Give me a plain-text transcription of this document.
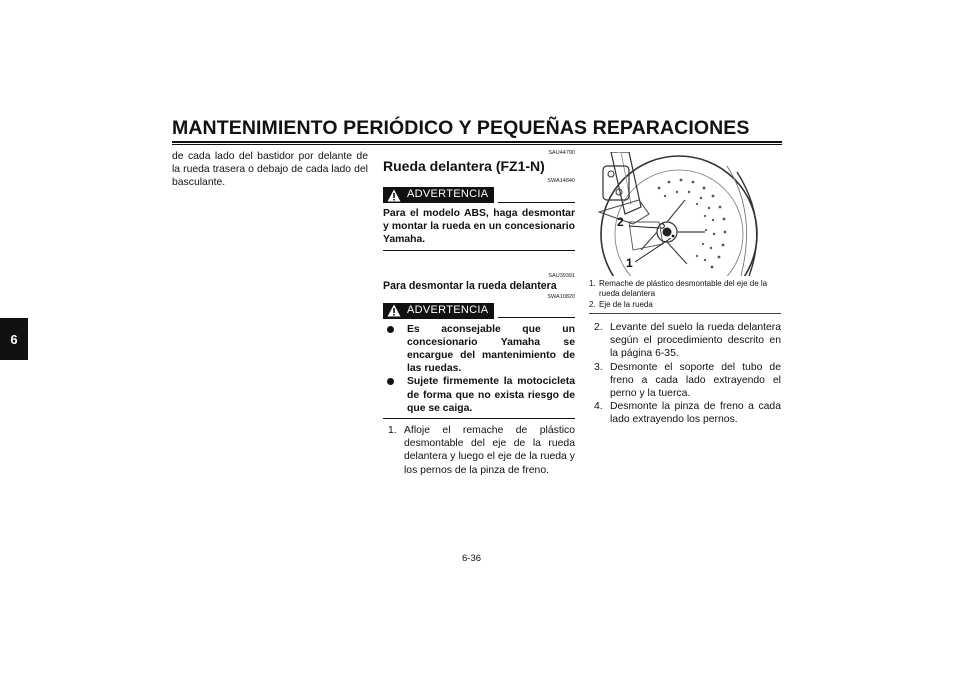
MANTENIMIENTO PERIÓDICO Y PEQUEÑAS REPARACIONES
6

de cada lado del bastidor por delante de la rueda trasera o debajo de cada lado del basculante.

SAU44790
Rueda delantera (FZ1-N)
SWA14840
ADVERTENCIA

Para el modelo ABS, haga desmontar y montar la rueda en un concesionario Yamaha.

SAU39391
Para desmontar la rueda delantera
SWA10820
ADVERTENCIA
Es aconsejable que un concesionario Yamaha se encargue del mantenimiento de las ruedas.
Sujete firmemente la motocicleta de forma que no exista riesgo de que se caiga.
1. Afloje el remache de plástico desmontable del eje de la rueda delantera y luego el eje de la rueda y los pernos de la pinza de freno.
2
1
1. Remache de plástico desmontable del eje de la rueda delantera
2. Eje de la rueda
2. Levante del suelo la rueda delantera según el procedimiento descrito en la página 6-35.
3. Desmonte el soporte del tubo de freno a cada lado extrayendo el perno y la tuerca.
4. Desmonte la pinza de freno a cada lado extrayendo los pernos.
6-36
